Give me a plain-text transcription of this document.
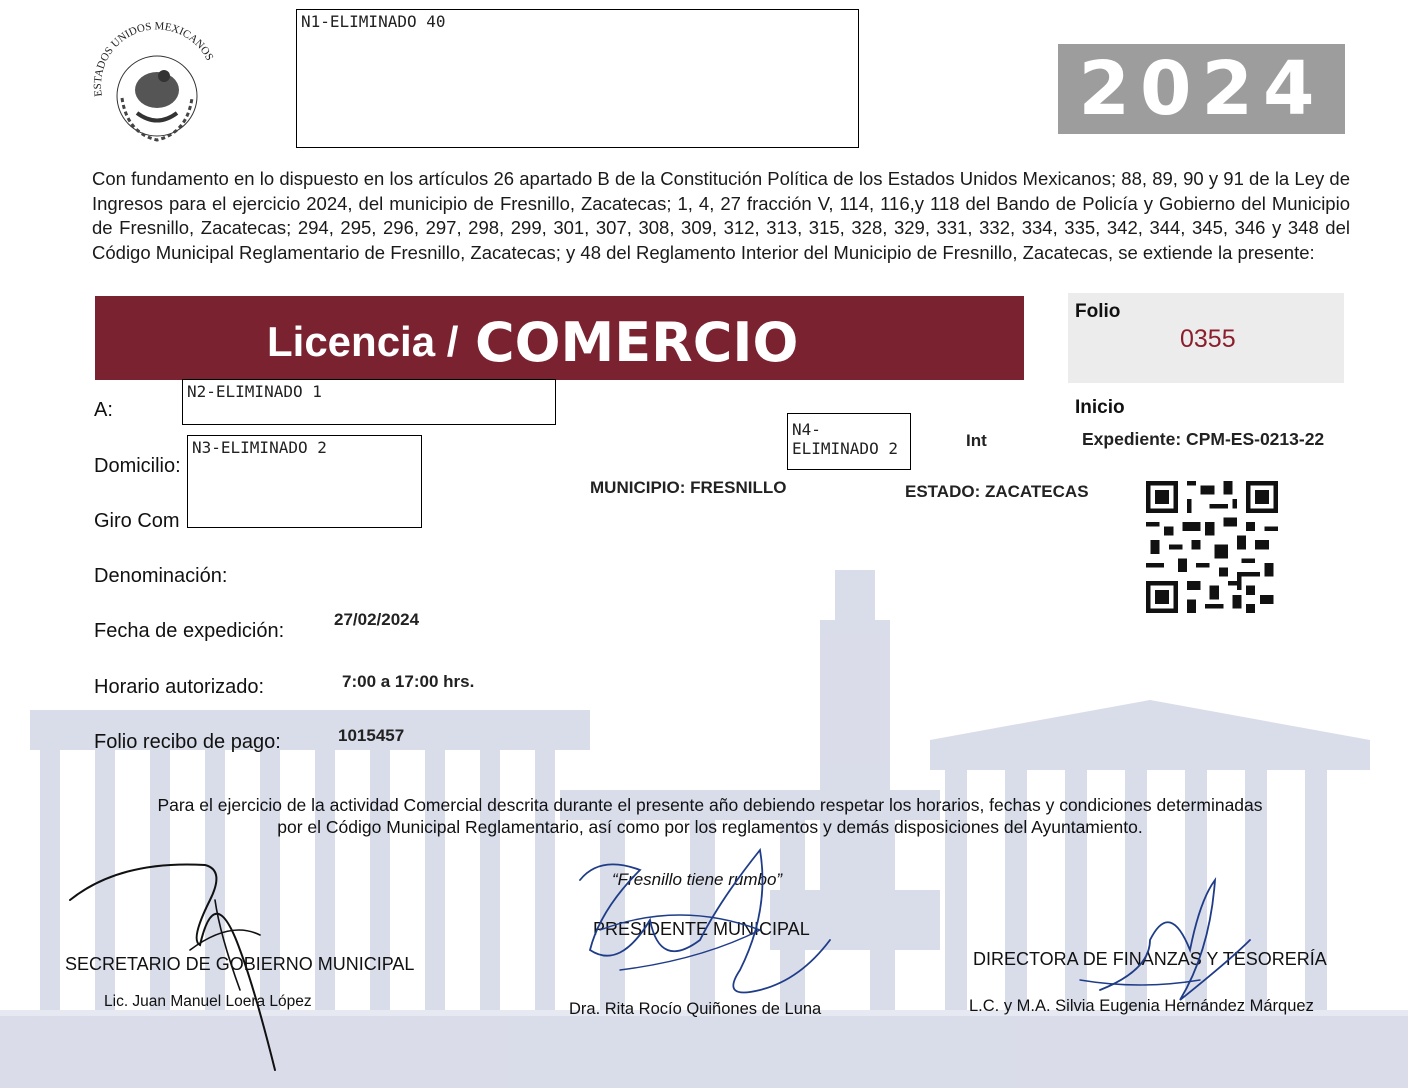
ESTADOS UNIDOS MEXICANOS
N1-ELIMINADO 40
2024
Con fundamento en lo dispuesto en los artículos 26 apartado B de la Constitución Política de los Estados Unidos Mexicanos; 88, 89, 90 y 91 de la Ley de Ingresos para el ejercicio 2024, del municipio de Fresnillo, Zacatecas; 1, 4, 27 fracción V, 114, 116,y 118 del Bando de Policía y Gobierno del Municipio de Fresnillo, Zacatecas; 294, 295, 296, 297, 298, 299, 301, 307, 308, 309, 312, 313, 315, 328, 329, 331, 332, 334, 335, 342, 344, 345, 346 y 348 del Código Municipal Reglamentario de Fresnillo, Zacatecas; y 48 del Reglamento Interior del Municipio de Fresnillo, Zacatecas, se extiende la presente:
Licencia / COMERCIO	Folio
0355
Inicio
Expediente: CPM-ES-0213-22
A:
N2-ELIMINADO 1
Domicilio:
N3-ELIMINADO 2
N4-ELIMINADO 2	Int
MUNICIPIO: FRESNILLO	ESTADO: ZACATECAS
Giro Com
Denominación:
Fecha de expedición:
27/02/2024
Horario autorizado:	7:00 a 17:00 hrs.
Folio recibo de pago:	1015457
Para el ejercicio de la actividad Comercial descrita durante el presente año debiendo respetar los horarios, fechas y condiciones determinadas
por el Código Municipal Reglamentario, así como por los reglamentos y demás disposiciones del Ayuntamiento.
“Fresnillo tiene rumbo”
SECRETARIO DE GOBIERNO MUNICIPAL
Lic. Juan Manuel Loera López
PRESIDENTE MUNICIPAL
Dra. Rita Rocío Quiñones de Luna
DIRECTORA DE FINANZAS Y TESORERÍA
L.C. y M.A. Silvia Eugenia Hernández Márquez
